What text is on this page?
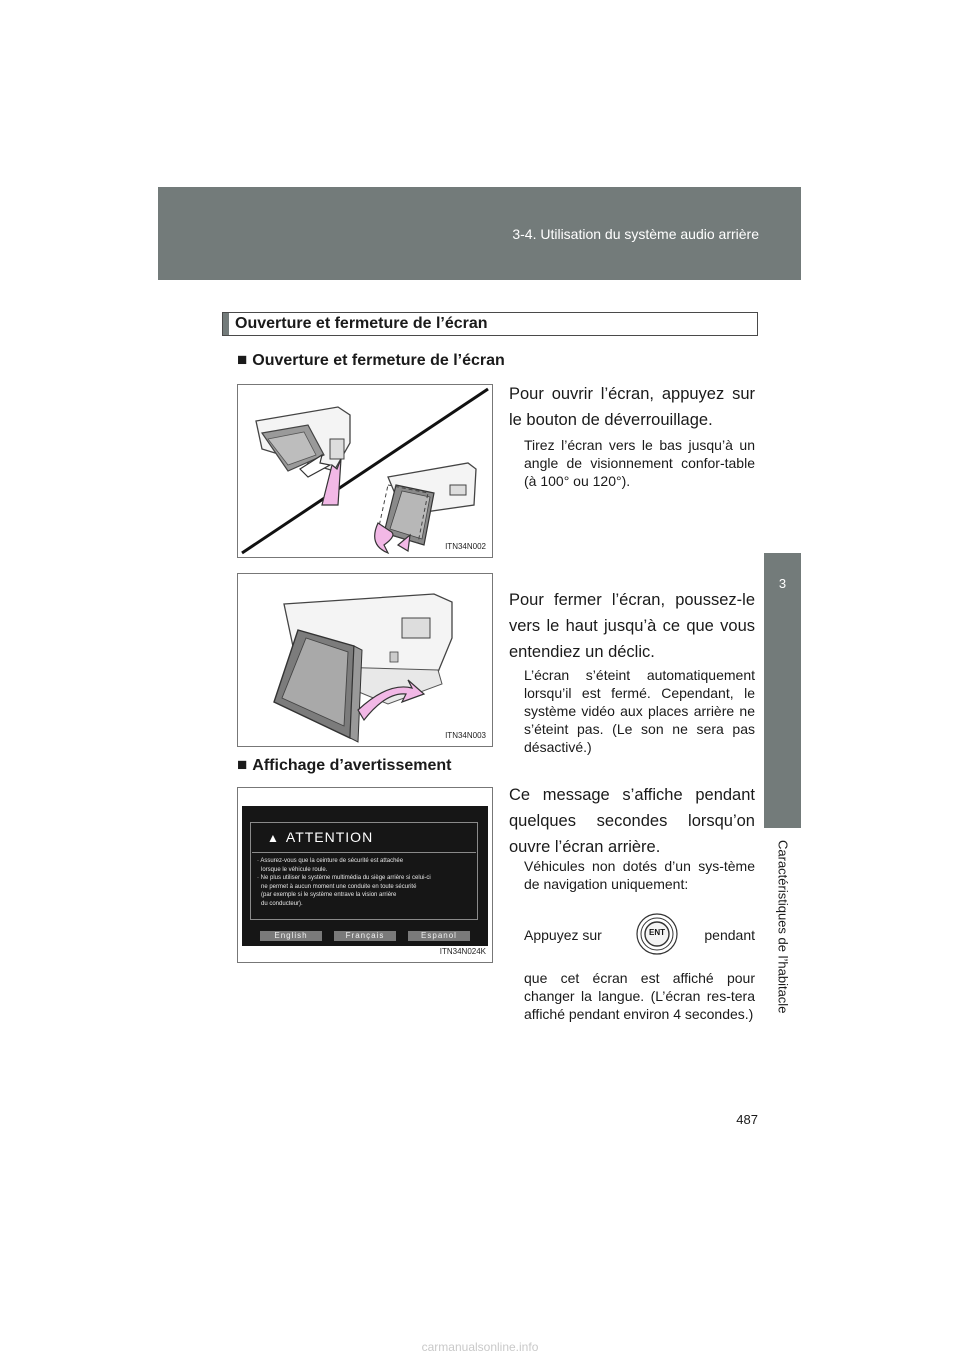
3-4. Utilisation du système audio arrière
3
Caractéristiques de l’habitacle
Ouverture et fermeture de l’écran
■ Ouverture et fermeture de l’écran
ITN34N002
Pour ouvrir l’écran, appuyez sur le bouton de déverrouillage.
Tirez l’écran vers le bas jusqu’à un angle de visionnement confor-table (à 100° ou 120°).
ITN34N003
Pour fermer l’écran, poussez-le vers le haut jusqu’à ce que vous entendiez un déclic.
L’écran s’éteint automatiquement lorsqu’il est fermé. Cependant, le système vidéo aux places arrière ne s’éteint pas. (Le son ne sera pas désactivé.)
■ Affichage d’avertissement
▲ ATTENTION
· Assurez-vous que la ceinture de sécurité est attachée
lorsque le véhicule roule.
· Ne plus utiliser le système multimédia du siège arrière si celui-ci
ne permet à aucun moment une conduite en toute sécurité
(par exemple si le système entrave la vision arrière
du conducteur).
English	Français	Espanol
ITN34N024K
Ce message s’affiche pendant quelques secondes lorsqu’on ouvre l’écran arrière.
Véhicules non dotés d’un sys-tème de navigation uniquement:
Appuyez sur	pendant
ENT
que cet écran est affiché pour changer la langue. (L’écran res-tera affiché pendant environ 4 secondes.)
487
carmanualsonline.info
